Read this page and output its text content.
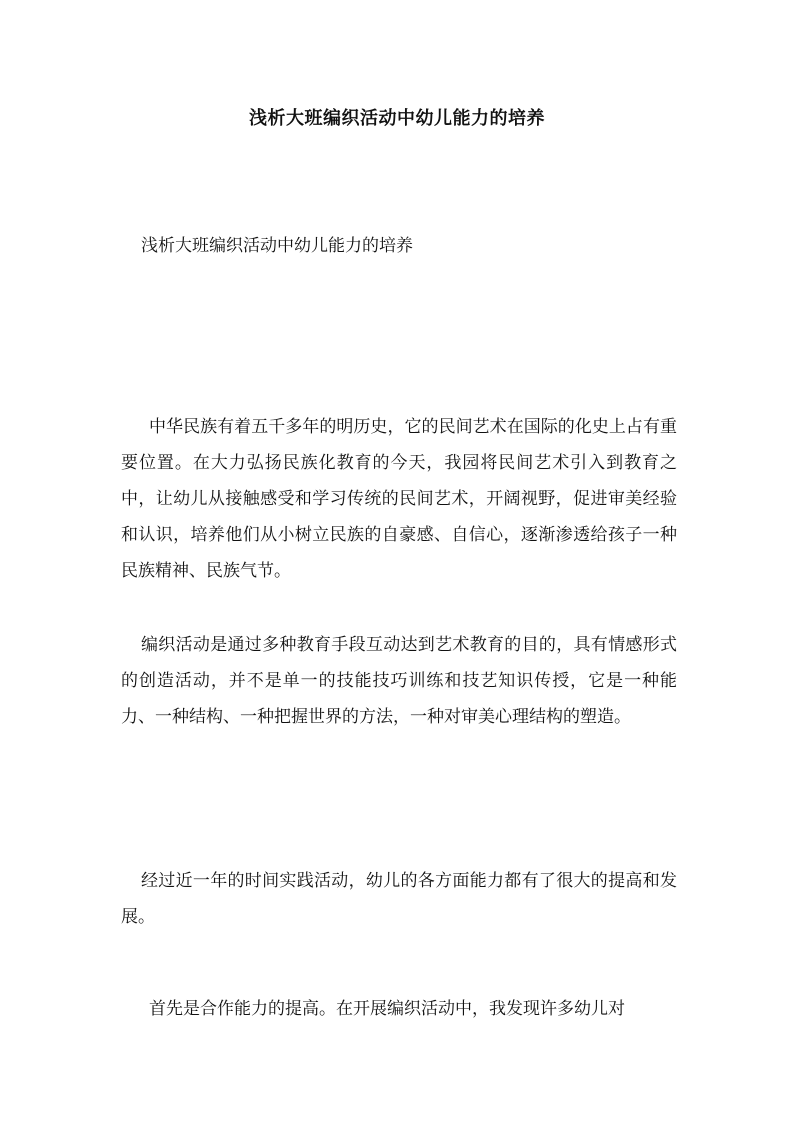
浅析大班编织活动中幼儿能力的培养
浅析大班编织活动中幼儿能力的培养

中华民族有着五千多年的明历史，它的民间艺术在国际的化史上占有重要位置。在大力弘扬民族化教育的今天，我园将民间艺术引入到教育之中，让幼儿从接触感受和学习传统的民间艺术，开阔视野，促进审美经验和认识，培养他们从小树立民族的自豪感、自信心，逐渐渗透给孩子一种民族精神、民族气节。

编织活动是通过多种教育手段互动达到艺术教育的目的，具有情感形式的创造活动，并不是单一的技能技巧训练和技艺知识传授，它是一种能力、一种结构、一种把握世界的方法，一种对审美心理结构的塑造。

经过近一年的时间实践活动，幼儿的各方面能力都有了很大的提高和发展。

首先是合作能力的提高。在开展编织活动中，我发现许多幼儿对
